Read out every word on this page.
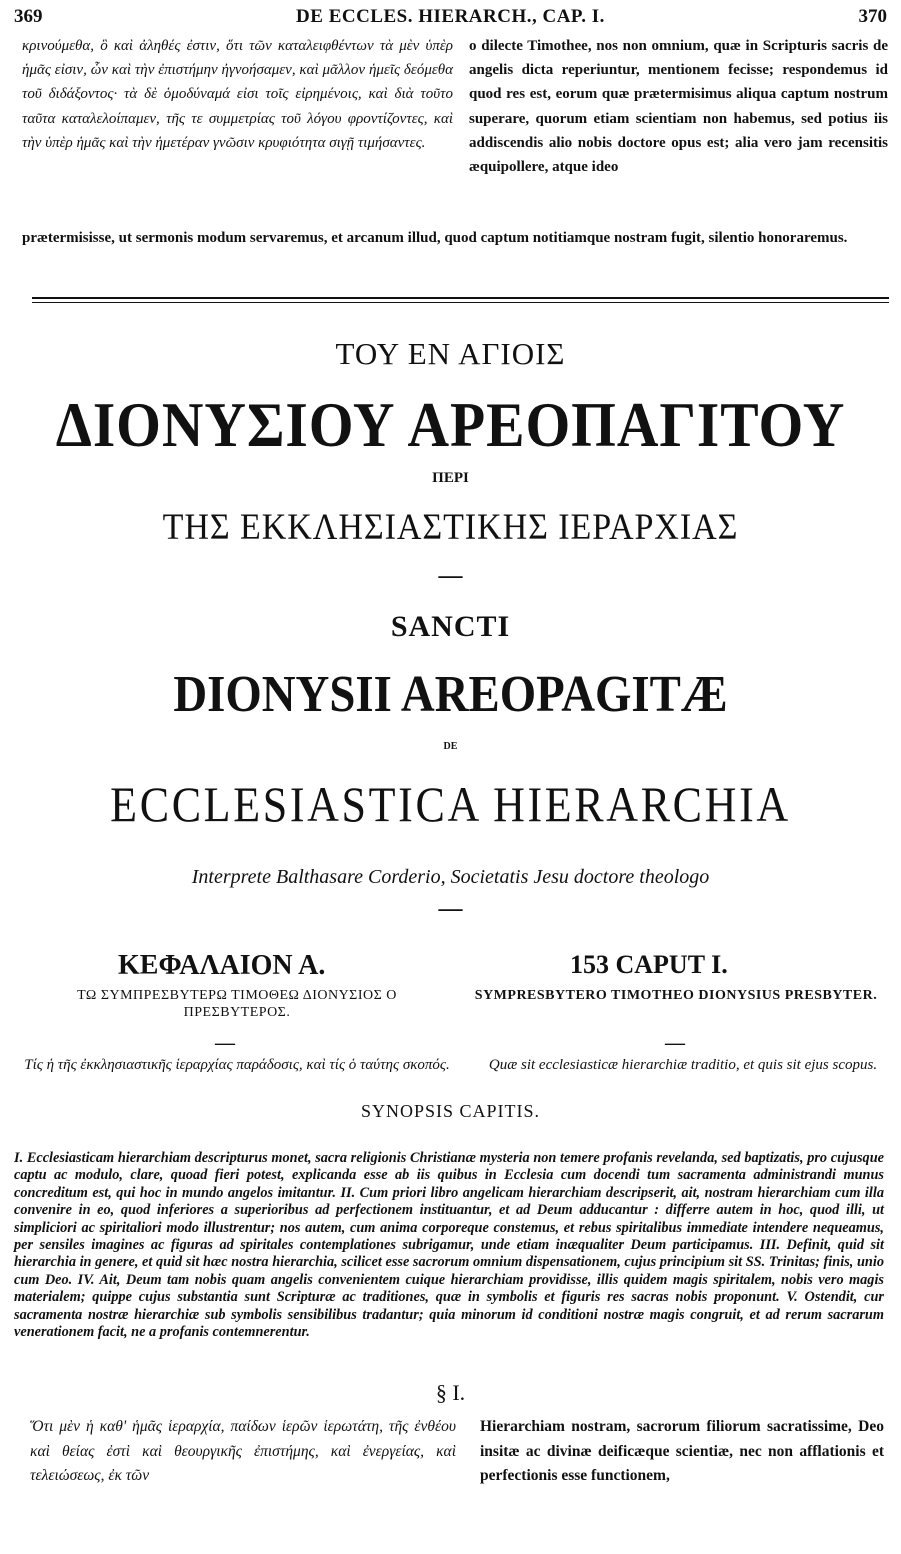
369	DE ECCLES. HIERARCH., CAP. I.	370
κρινούμεθα, ὃ καὶ ἀληθές ἐστιν, ὅτι τῶν καταλειφθέντων τὰ μὲν ὑπὲρ ἡμᾶς εἰσιν, ὧν καὶ τὴν ἐπιστήμην ἠγνοήσαμεν, καὶ μᾶλλον ἡμεῖς δεόμεθα τοῦ διδάξοντος· τὰ δὲ ὁμοδύναμά εἰσι τοῖς εἰρημένοις, καὶ διὰ τοῦτο ταῦτα καταλελοίπαμεν, τῆς τε συμμετρίας τοῦ λόγου φροντίζοντες, καὶ τὴν ὑπὲρ ἡμᾶς καὶ τὴν ἡμετέραν γνῶσιν κρυφιότητα σιγῇ τιμήσαντες.
o dilecte Timothee, nos non omnium, quæ in Scripturis sacris de angelis dicta reperiuntur, mentionem fecisse; respondemus id quod res est, eorum quæ prætermisimus aliqua captum nostrum superare, quorum etiam scientiam non habemus, sed potius iis addiscendis alio nobis doctore opus est; alia vero jam recensitis æquipollere, atque ideo
prætermisisse, ut sermonis modum servaremus, et arcanum illud, quod captum notitiamque nostram fugit, silentio honoraremus.
ΤΟΥ ΕΝ ΑΓΙΟΙΣ
ΔΙΟΝΥΣΙΟΥ ΑΡΕΟΠΑΓΙΤΟΥ
ΠΕΡΙ
ΤΗΣ ΕΚΚΛΗΣΙΑΣΤΙΚΗΣ ΙΕΡΑΡΧΙΑΣ
—
SANCTI
DIONYSII AREOPAGITÆ
DE
ECCLESIASTICA HIERARCHIA
Interprete Balthasare Corderio, Societatis Jesu doctore theologo
—
ΚΕΦΑΛΑΙΟΝ Α.	153 CAPUT I.
ΤΩ ΣΥΜΠΡΕΣΒΥΤΕΡΩ ΤΙΜΟΘΕΩ ΔΙΟΝΥΣΙΟΣ Ο ΠΡΕΣΒΥΤΕΡΟΣ.
SYMPRESBYTERO TIMOTHEO DIONYSIUS PRESBYTER.
—	—
Τίς ἡ τῆς ἐκκλησιαστικῆς ἱεραρχίας παράδοσις, καὶ τίς ὁ ταύτης σκοπός.	Quæ sit ecclesiasticæ hierarchiæ traditio, et quis sit ejus scopus.
SYNOPSIS CAPITIS.
I. Ecclesiasticam hierarchiam descripturus monet, sacra religionis Christianæ mysteria non temere profanis revelanda, sed baptizatis, pro cujusque captu ac modulo, clare, quoad fieri potest, explicanda esse ab iis quibus in Ecclesia cum docendi tum sacramenta administrandi munus concreditum est, qui hoc in mundo angelos imitantur. II. Cum priori libro angelicam hierarchiam descripserit, ait, nostram hierarchiam cum illa convenire in eo, quod inferiores a superioribus ad perfectionem instituantur, et ad Deum adducantur : differre autem in hoc, quod illi, ut simpliciori ac spiritaliori modo illustrentur; nos autem, cum anima corporeque constemus, et rebus spiritalibus immediate intendere nequeamus, per sensiles imagines ac figuras ad spiritales contemplationes subrigamur, unde etiam inæqualiter Deum participamus. III. Definit, quid sit hierarchia in genere, et quid sit hæc nostra hierarchia, scilicet esse sacrorum omnium dispensationem, cujus principium sit SS. Trinitas; finis, unio cum Deo. IV. Ait, Deum tam nobis quam angelis convenientem cuique hierarchiam providisse, illis quidem magis spiritalem, nobis vero magis materialem; quippe cujus substantia sunt Scripturæ ac traditiones, quæ in symbolis et figuris res sacras nobis proponunt. V. Ostendit, cur sacramenta nostræ hierarchiæ sub symbolis sensibilibus tradantur; quia minorum id conditioni nostræ magis congruit, et ad rerum sacrarum venerationem facit, ne a profanis contemnerentur.
§ I.
Ὅτι μὲν ἡ καθ' ἡμᾶς ἱεραρχία, παίδων ἱερῶν ἱερωτάτη, τῆς ἐνθέου καὶ θείας ἐστὶ καὶ θεουργικῆς ἐπιστήμης, καὶ ἐνεργείας, καὶ τελειώσεως, ἐκ τῶν
Hierarchiam nostram, sacrorum filiorum sacratissime, Deo insitæ ac divinæ deificæque scientiæ, nec non afflationis et perfectionis esse functionem,
